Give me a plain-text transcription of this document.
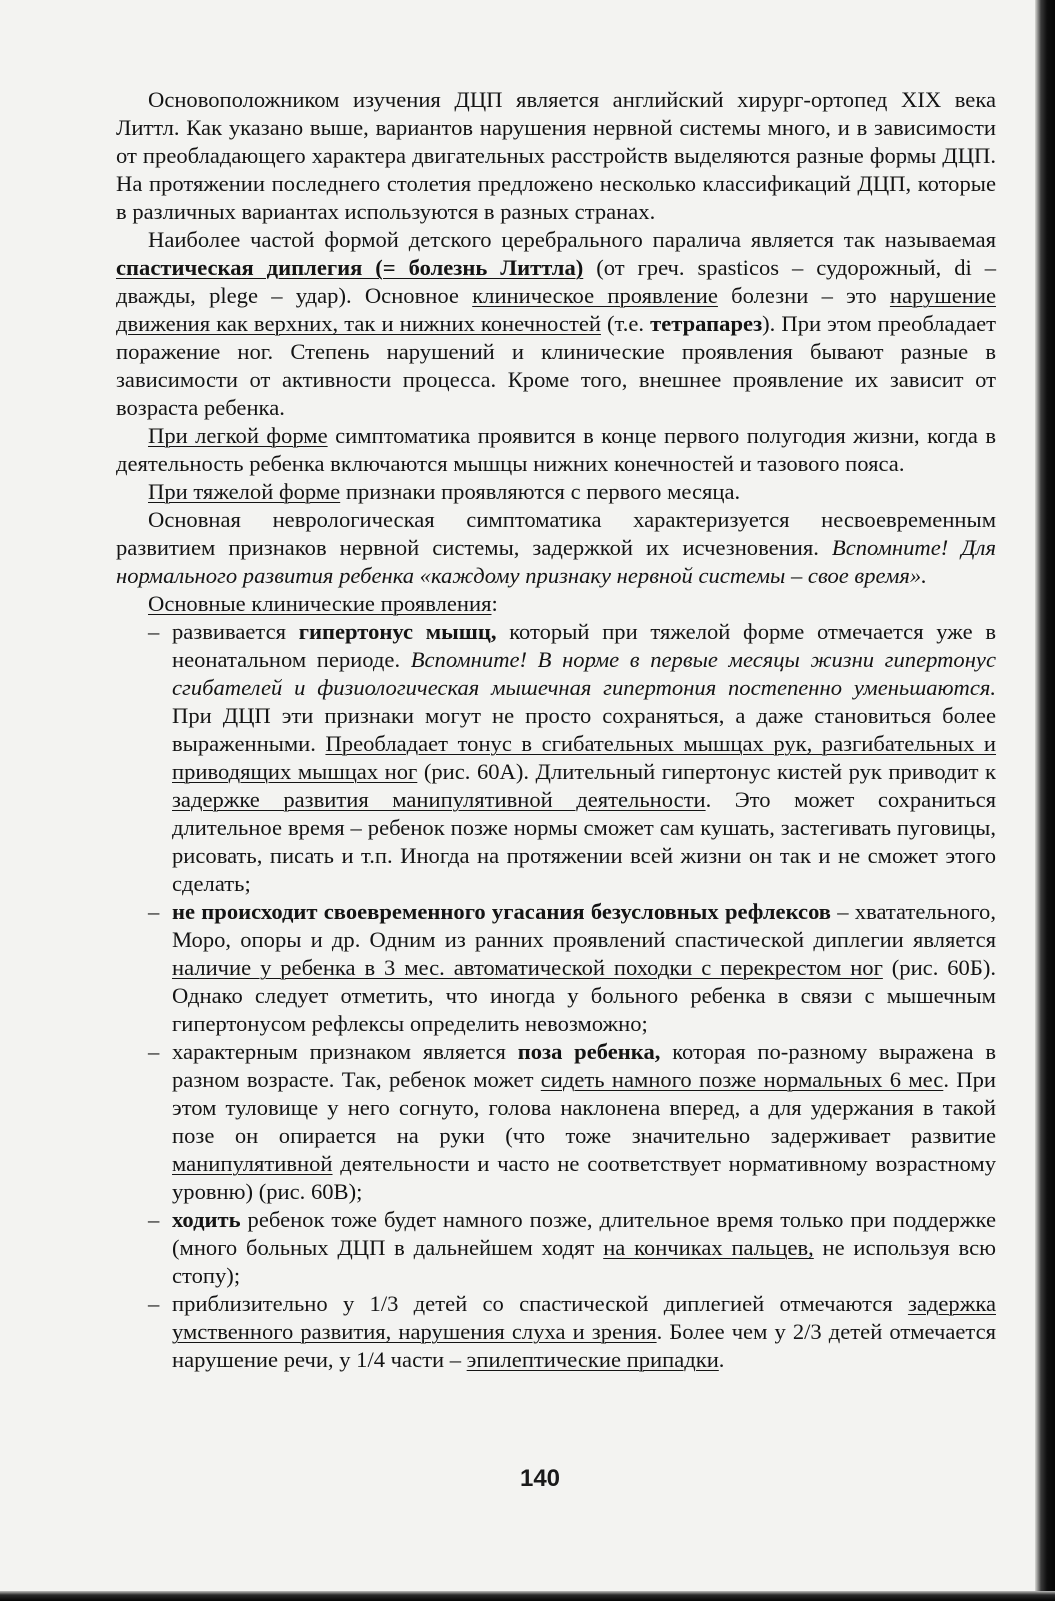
Основоположником изучения ДЦП является английский хирург-ортопед XIX века Литтл. Как указано выше, вариантов нарушения нервной системы много, и в зависимости от преобладающего характера двигательных расстройств выделяются разные формы ДЦП. На протяжении последнего столетия предложено несколько классификаций ДЦП, которые в различных вариантах используются в разных странах.

Наиболее частой формой детского церебрального паралича является так называемая спастическая диплегия (= болезнь Литтла) (от греч. spasticos – судорожный, di – дважды, plege – удар). Основное клиническое проявление болезни – это нарушение движения как верхних, так и нижних конечностей (т.е. тетрапарез). При этом преобладает поражение ног. Степень нарушений и клинические проявления бывают разные в зависимости от активности процесса. Кроме того, внешнее проявление их зависит от возраста ребенка.

При легкой форме симптоматика проявится в конце первого полугодия жизни, когда в деятельность ребенка включаются мышцы нижних конечностей и тазового пояса.

При тяжелой форме признаки проявляются с первого месяца.

Основная неврологическая симптоматика характеризуется несвоевременным развитием признаков нервной системы, задержкой их исчезновения. Вспомните! Для нормального развития ребенка «каждому признаку нервной системы – свое время».

Основные клинические проявления:

– развивается гипертонус мышц, который при тяжелой форме отмечается уже в неонатальном периоде. Вспомните! В норме в первые месяцы жизни гипертонус сгибателей и физиологическая мышечная гипертония постепенно уменьшаются. При ДЦП эти признаки могут не просто сохраняться, а даже становиться более выраженными. Преобладает тонус в сгибательных мышцах рук, разгибательных и приводящих мышцах ног (рис. 60А). Длительный гипертонус кистей рук приводит к задержке развития манипулятивной деятельности. Это может сохраниться длительное время – ребенок позже нормы сможет сам кушать, застегивать пуговицы, рисовать, писать и т.п. Иногда на протяжении всей жизни он так и не сможет этого сделать;

– не происходит своевременного угасания безусловных рефлексов – хватательного, Моро, опоры и др. Одним из ранних проявлений спастической диплегии является наличие у ребенка в 3 мес. автоматической походки с перекрестом ног (рис. 60Б). Однако следует отметить, что иногда у больного ребенка в связи с мышечным гипертонусом рефлексы определить невозможно;

– характерным признаком является поза ребенка, которая по-разному выражена в разном возрасте. Так, ребенок может сидеть намного позже нормальных 6 мес. При этом туловище у него согнуто, голова наклонена вперед, а для удержания в такой позе он опирается на руки (что тоже значительно задерживает развитие манипулятивной деятельности и часто не соответствует нормативному возрастному уровню) (рис. 60В);

– ходить ребенок тоже будет намного позже, длительное время только при поддержке (много больных ДЦП в дальнейшем ходят на кончиках пальцев, не используя всю стопу);

– приблизительно у 1/3 детей со спастической диплегией отмечаются задержка умственного развития, нарушения слуха и зрения. Более чем у 2/3 детей отмечается нарушение речи, у 1/4 части – эпилептические припадки.

140
